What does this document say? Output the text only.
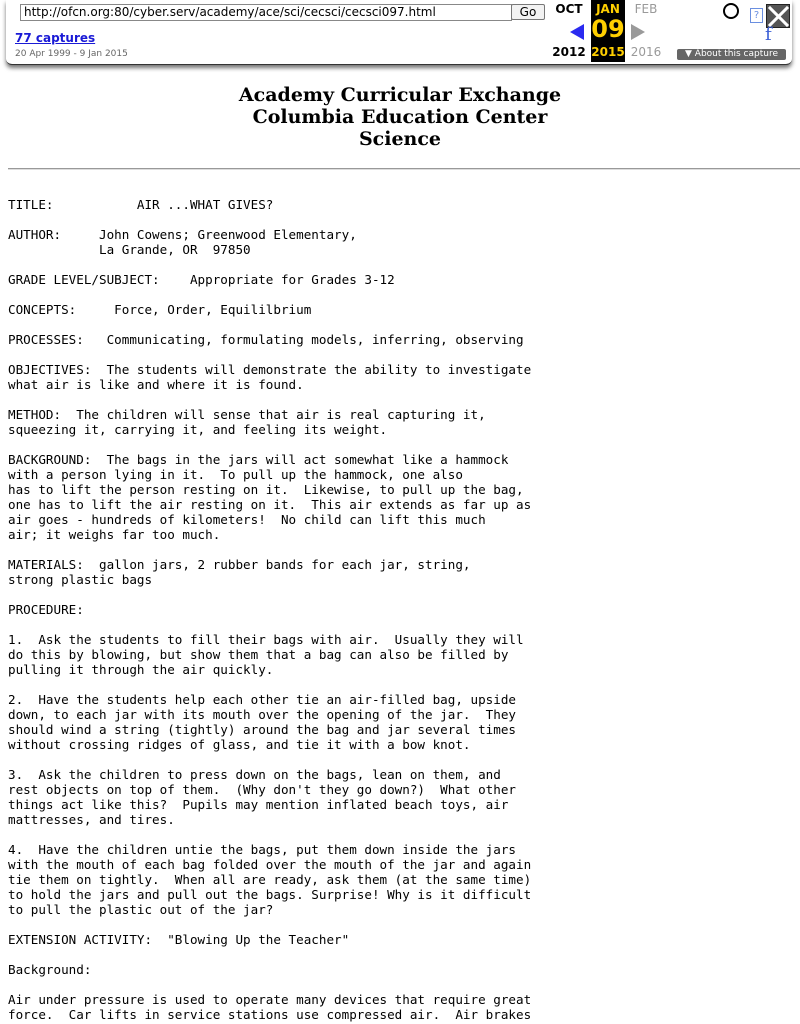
http://ofcn.org:80/cyber.serv/academy/ace/sci/cecsci/cecsci097.html	Go
77 captures
20 Apr 1999 - 9 Jan 2015
OCT
2012
JAN
09
2015
FEB
2016
?
f
▼ About this capture
Academy Curricular Exchange
Columbia Education Center
Science
TITLE:           AIR ...WHAT GIVES?

AUTHOR:     John Cowens; Greenwood Elementary,
La Grande, OR  97850

GRADE LEVEL/SUBJECT:    Appropriate for Grades 3-12

CONCEPTS:     Force, Order, Equililbrium

PROCESSES:   Communicating, formulating models, inferring, observing

OBJECTIVES:  The students will demonstrate the ability to investigate
what air is like and where it is found.

METHOD:  The children will sense that air is real capturing it,
squeezing it, carrying it, and feeling its weight.

BACKGROUND:  The bags in the jars will act somewhat like a hammock
with a person lying in it.  To pull up the hammock, one also
has to lift the person resting on it.  Likewise, to pull up the bag,
one has to lift the air resting on it.  This air extends as far up as
air goes - hundreds of kilometers!  No child can lift this much
air; it weighs far too much.

MATERIALS:  gallon jars, 2 rubber bands for each jar, string,
strong plastic bags

PROCEDURE:

1.  Ask the students to fill their bags with air.  Usually they will
do this by blowing, but show them that a bag can also be filled by
pulling it through the air quickly.

2.  Have the students help each other tie an air-filled bag, upside
down, to each jar with its mouth over the opening of the jar.  They
should wind a string (tightly) around the bag and jar several times
without crossing ridges of glass, and tie it with a bow knot.

3.  Ask the children to press down on the bags, lean on them, and
rest objects on top of them.  (Why don't they go down?)  What other
things act like this?  Pupils may mention inflated beach toys, air
mattresses, and tires.

4.  Have the children untie the bags, put them down inside the jars
with the mouth of each bag folded over the mouth of the jar and again
tie them on tightly.  When all are ready, ask them (at the same time)
to hold the jars and pull out the bags. Surprise! Why is it difficult
to pull the plastic out of the jar?

EXTENSION ACTIVITY:  "Blowing Up the Teacher"

Background:

Air under pressure is used to operate many devices that require great
force.  Car lifts in service stations use compressed air.  Air brakes
